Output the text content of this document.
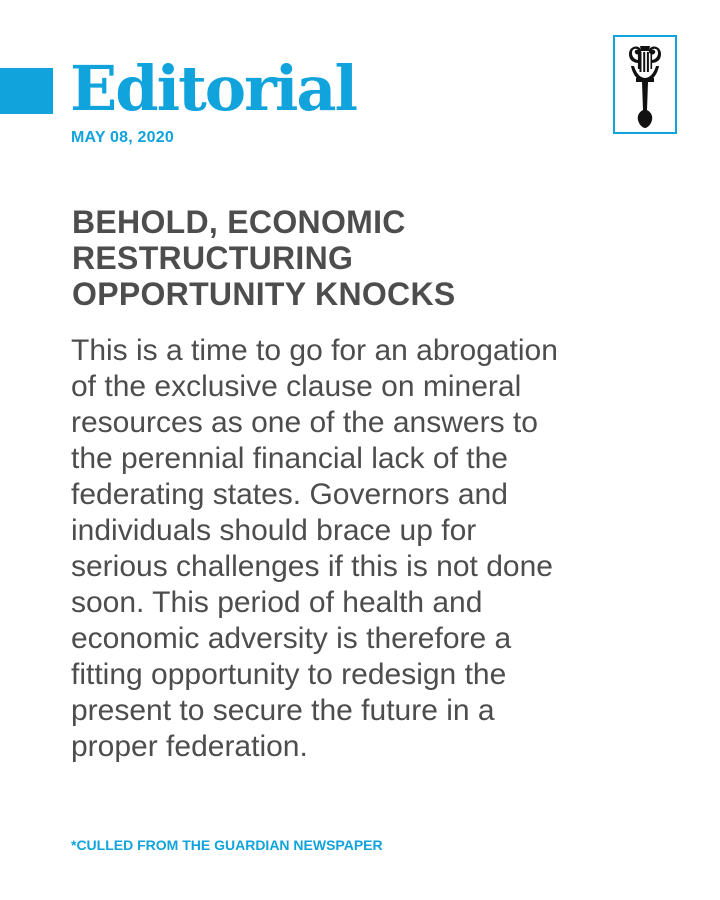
Editorial
MAY 08, 2020
BEHOLD, ECONOMIC RESTRUCTURING OPPORTUNITY KNOCKS

This is a time to go for an abrogation of the exclusive clause on mineral resources as one of the answers to the perennial financial lack of the federating states. Governors and individuals should brace up for serious challenges if this is not done soon. This period of health and economic adversity is therefore a fitting opportunity to redesign the present to secure the future in a proper federation.

*CULLED FROM THE GUARDIAN NEWSPAPER
